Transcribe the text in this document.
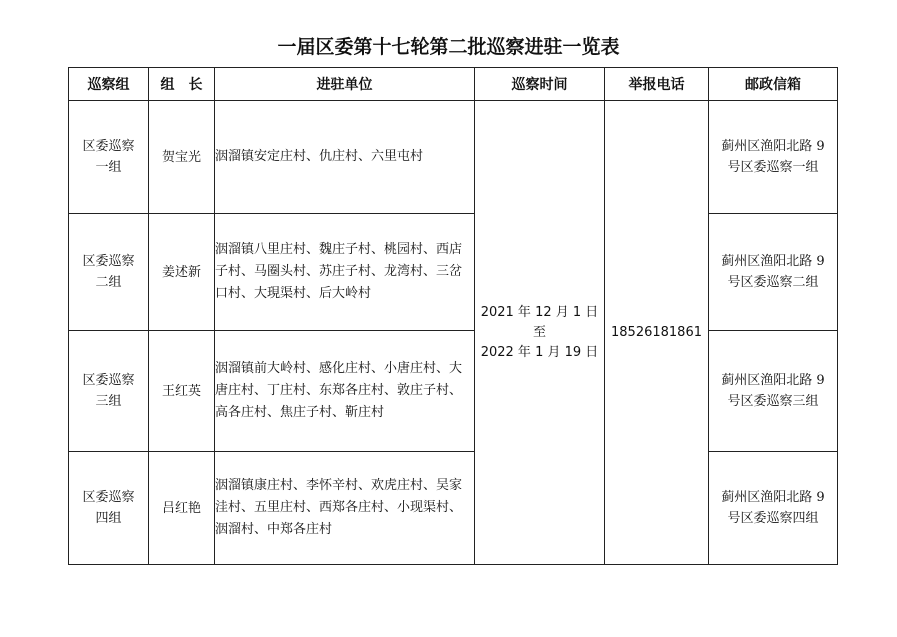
一届区委第十七轮第二批巡察进驻一览表
巡察组	组　长	进驻单位	巡察时间	举报电话	邮政信箱
区委巡察一组	贺宝光	洇溜镇安定庄村、仇庄村、六里屯村	2021 年 12 月 1 日
至
2022 年 1 月 19 日	18526181861	蓟州区渔阳北路 9 号区委巡察一组
区委巡察二组	姜述新	洇溜镇八里庄村、魏庄子村、桃园村、西店子村、马圈头村、苏庄子村、龙湾村、三岔口村、大現渠村、后大岭村			蓟州区渔阳北路 9 号区委巡察二组
区委巡察三组	王红英	洇溜镇前大岭村、感化庄村、小唐庄村、大唐庄村、丁庄村、东郑各庄村、敦庄子村、高各庄村、焦庄子村、靳庄村			蓟州区渔阳北路 9 号区委巡察三组
区委巡察四组	吕红艳	洇溜镇康庄村、李怀辛村、欢虎庄村、吴家洼村、五里庄村、西郑各庄村、小现渠村、洇溜村、中郑各庄村			蓟州区渔阳北路 9 号区委巡察四组
